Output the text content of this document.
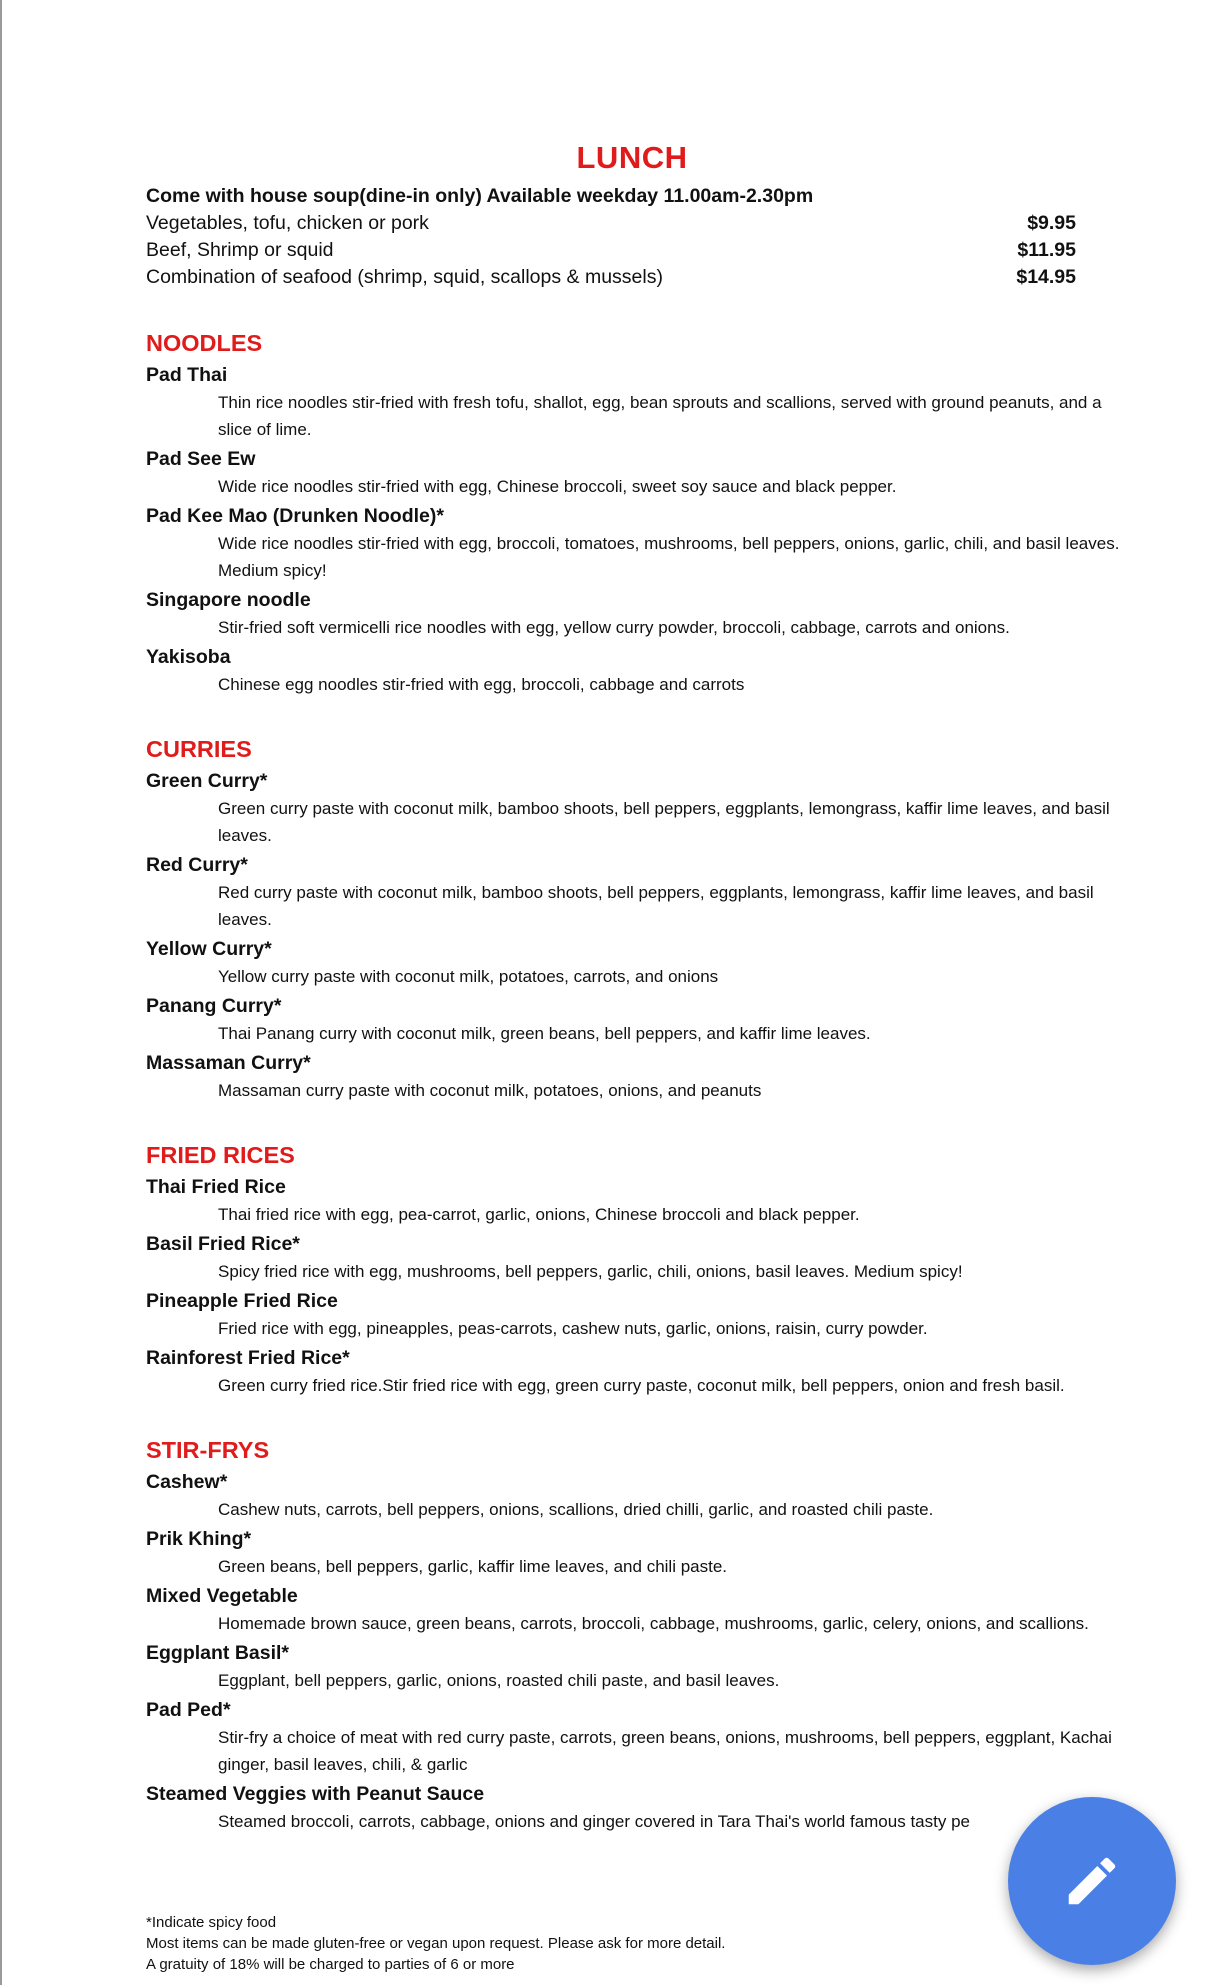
LUNCH
Come with house soup(dine-in only) Available weekday 11.00am-2.30pm
Vegetables, tofu, chicken or pork	$9.95
Beef, Shrimp or squid	$11.95
Combination of seafood (shrimp, squid, scallops & mussels)	$14.95
NOODLES
Pad Thai
Thin rice noodles stir-fried with fresh tofu, shallot, egg, bean sprouts and scallions, served with ground peanuts, and a slice of lime.
Pad See Ew
Wide rice noodles stir-fried with egg, Chinese broccoli, sweet soy sauce and black pepper.
Pad Kee Mao (Drunken Noodle)*
Wide rice noodles stir-fried with egg, broccoli, tomatoes, mushrooms, bell peppers, onions, garlic, chili, and basil leaves. Medium spicy!
Singapore noodle
Stir-fried soft vermicelli rice noodles with egg, yellow curry powder, broccoli, cabbage, carrots and onions.
Yakisoba
Chinese egg noodles stir-fried with egg, broccoli, cabbage and carrots
CURRIES
Green Curry*
Green curry paste with coconut milk, bamboo shoots, bell peppers, eggplants, lemongrass, kaffir lime leaves, and basil leaves.
Red Curry*
Red curry paste with coconut milk, bamboo shoots, bell peppers, eggplants, lemongrass, kaffir lime leaves, and basil leaves.
Yellow Curry*
Yellow curry paste with coconut milk, potatoes, carrots, and onions
Panang Curry*
Thai Panang curry with coconut milk, green beans, bell peppers, and kaffir lime leaves.
Massaman Curry*
Massaman curry paste with coconut milk, potatoes, onions, and peanuts
FRIED RICES
Thai Fried Rice
Thai fried rice with egg, pea-carrot, garlic, onions, Chinese broccoli and black pepper.
Basil Fried Rice*
Spicy fried rice with egg, mushrooms, bell peppers, garlic, chili, onions, basil leaves. Medium spicy!
Pineapple Fried Rice
Fried rice with egg, pineapples, peas-carrots, cashew nuts, garlic, onions, raisin, curry powder.
Rainforest Fried Rice*
Green curry fried rice.Stir fried rice with egg, green curry paste, coconut milk, bell peppers, onion and fresh basil.
STIR-FRYS
Cashew*
Cashew nuts, carrots, bell peppers, onions, scallions, dried chilli, garlic, and roasted chili paste.
Prik Khing*
Green beans, bell peppers, garlic, kaffir lime leaves, and chili paste.
Mixed Vegetable
Homemade brown sauce, green beans, carrots, broccoli, cabbage, mushrooms, garlic, celery, onions, and scallions.
Eggplant Basil*
Eggplant, bell peppers, garlic, onions, roasted chili paste, and basil leaves.
Pad Ped*
Stir-fry a choice of meat with red curry paste, carrots, green beans, onions, mushrooms, bell peppers, eggplant, Kachai ginger, basil leaves, chili, & garlic
Steamed Veggies with Peanut Sauce
Steamed broccoli, carrots, cabbage, onions and ginger covered in Tara Thai's world famous tasty pe
*Indicate spicy food
Most items can be made gluten-free or vegan upon request. Please ask for more detail.
A gratuity of 18% will be charged to parties of 6 or more
